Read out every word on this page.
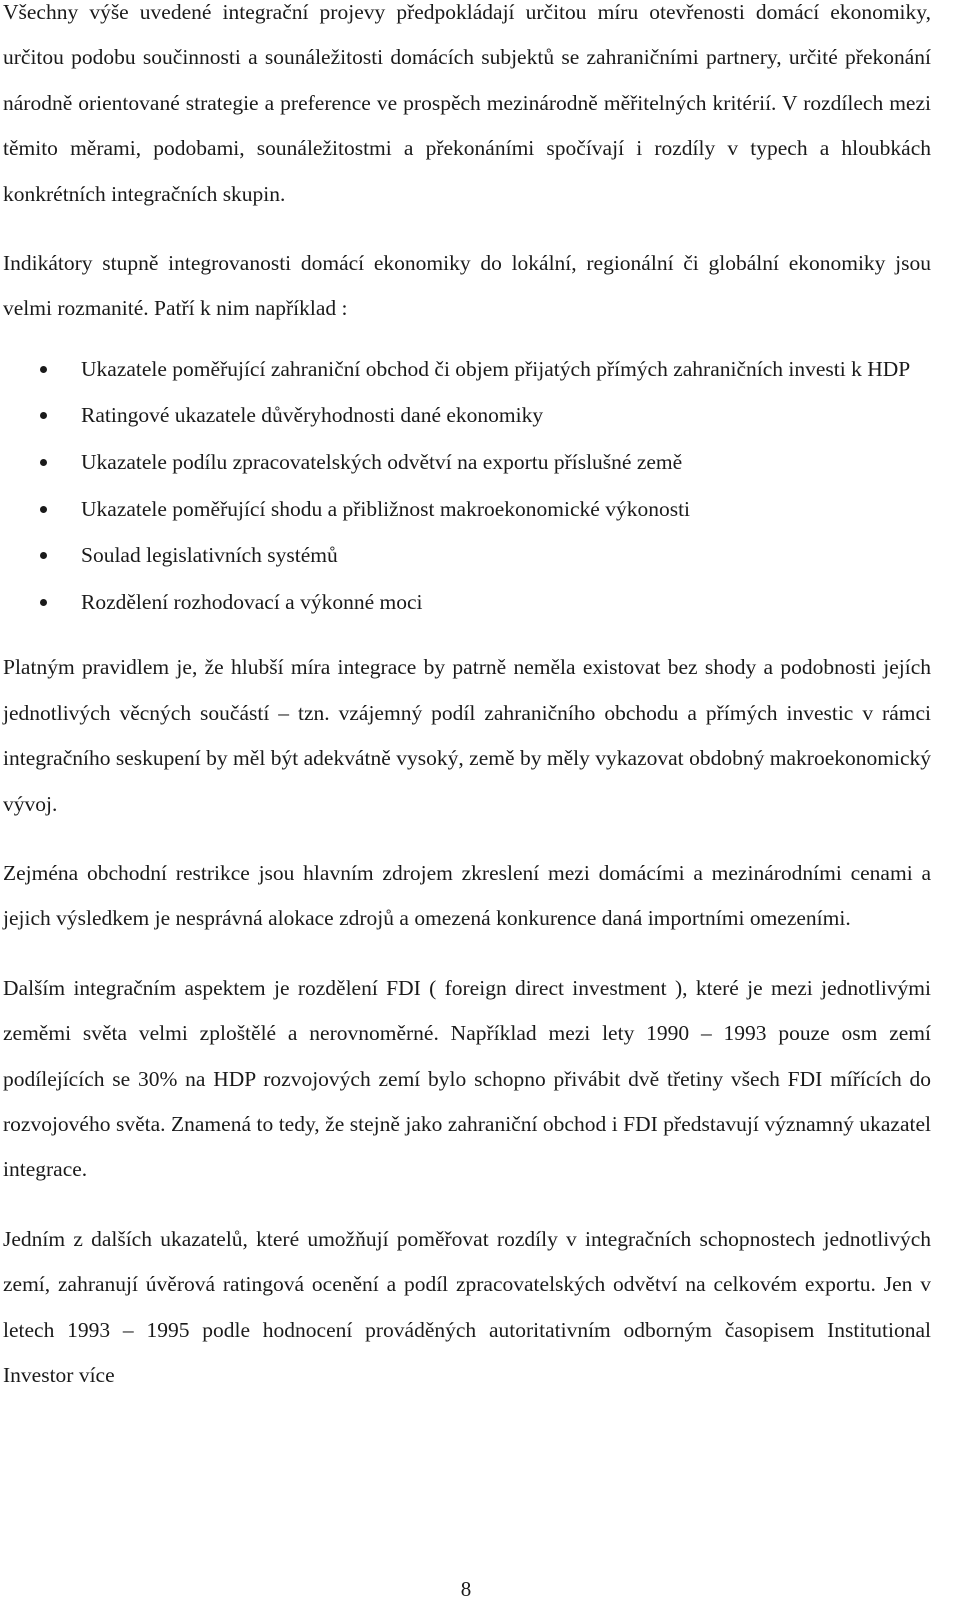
Všechny výše uvedené integrační projevy předpokládají určitou míru otevřenosti domácí ekonomiky, určitou podobu součinnosti a sounáležitosti domácích subjektů se zahraničními partnery, určité překonání národně orientované strategie a preference ve prospěch mezinárodně měřitelných kritérií. V rozdílech mezi těmito měrami, podobami, sounáležitostmi a překonáními spočívají i rozdíly v typech a hloubkách konkrétních integračních skupin.

Indikátory stupně integrovanosti domácí ekonomiky do lokální, regionální či globální ekonomiky jsou velmi rozmanité. Patří k nim například :

Ukazatele poměřující zahraniční obchod či objem přijatých přímých zahraničních investi k HDP
Ratingové ukazatele důvěryhodnosti dané ekonomiky
Ukazatele podílu zpracovatelských odvětví na exportu příslušné země
Ukazatele poměřující shodu a přibližnost makroekonomické výkonosti
Soulad legislativních systémů
Rozdělení rozhodovací a výkonné moci

Platným pravidlem je, že hlubší míra integrace by patrně neměla existovat bez shody a podobnosti jejích jednotlivých věcných součástí – tzn. vzájemný podíl zahraničního obchodu a přímých investic v rámci integračního seskupení by měl být adekvátně vysoký, země by měly vykazovat obdobný makroekonomický vývoj.

Zejména obchodní restrikce jsou hlavním zdrojem zkreslení mezi domácími a mezinárodními cenami a jejich výsledkem je nesprávná alokace zdrojů a omezená konkurence daná importními omezeními.

Dalším integračním aspektem je rozdělení FDI ( foreign direct investment ), které je mezi jednotlivými zeměmi světa velmi zploštělé a nerovnoměrné. Například mezi lety 1990 – 1993 pouze osm zemí podílejících se 30% na HDP rozvojových zemí bylo schopno přivábit dvě třetiny všech FDI mířících do rozvojového světa. Znamená to tedy, že stejně jako zahraniční obchod i FDI představují významný ukazatel integrace.

Jedním z dalších ukazatelů, které umožňují poměřovat rozdíly v integračních schopnostech jednotlivých zemí, zahranují úvěrová ratingová ocenění a podíl zpracovatelských odvětví na celkovém exportu. Jen v letech 1993 – 1995 podle hodnocení prováděných autoritativním odborným časopisem Institutional Investor více

8
